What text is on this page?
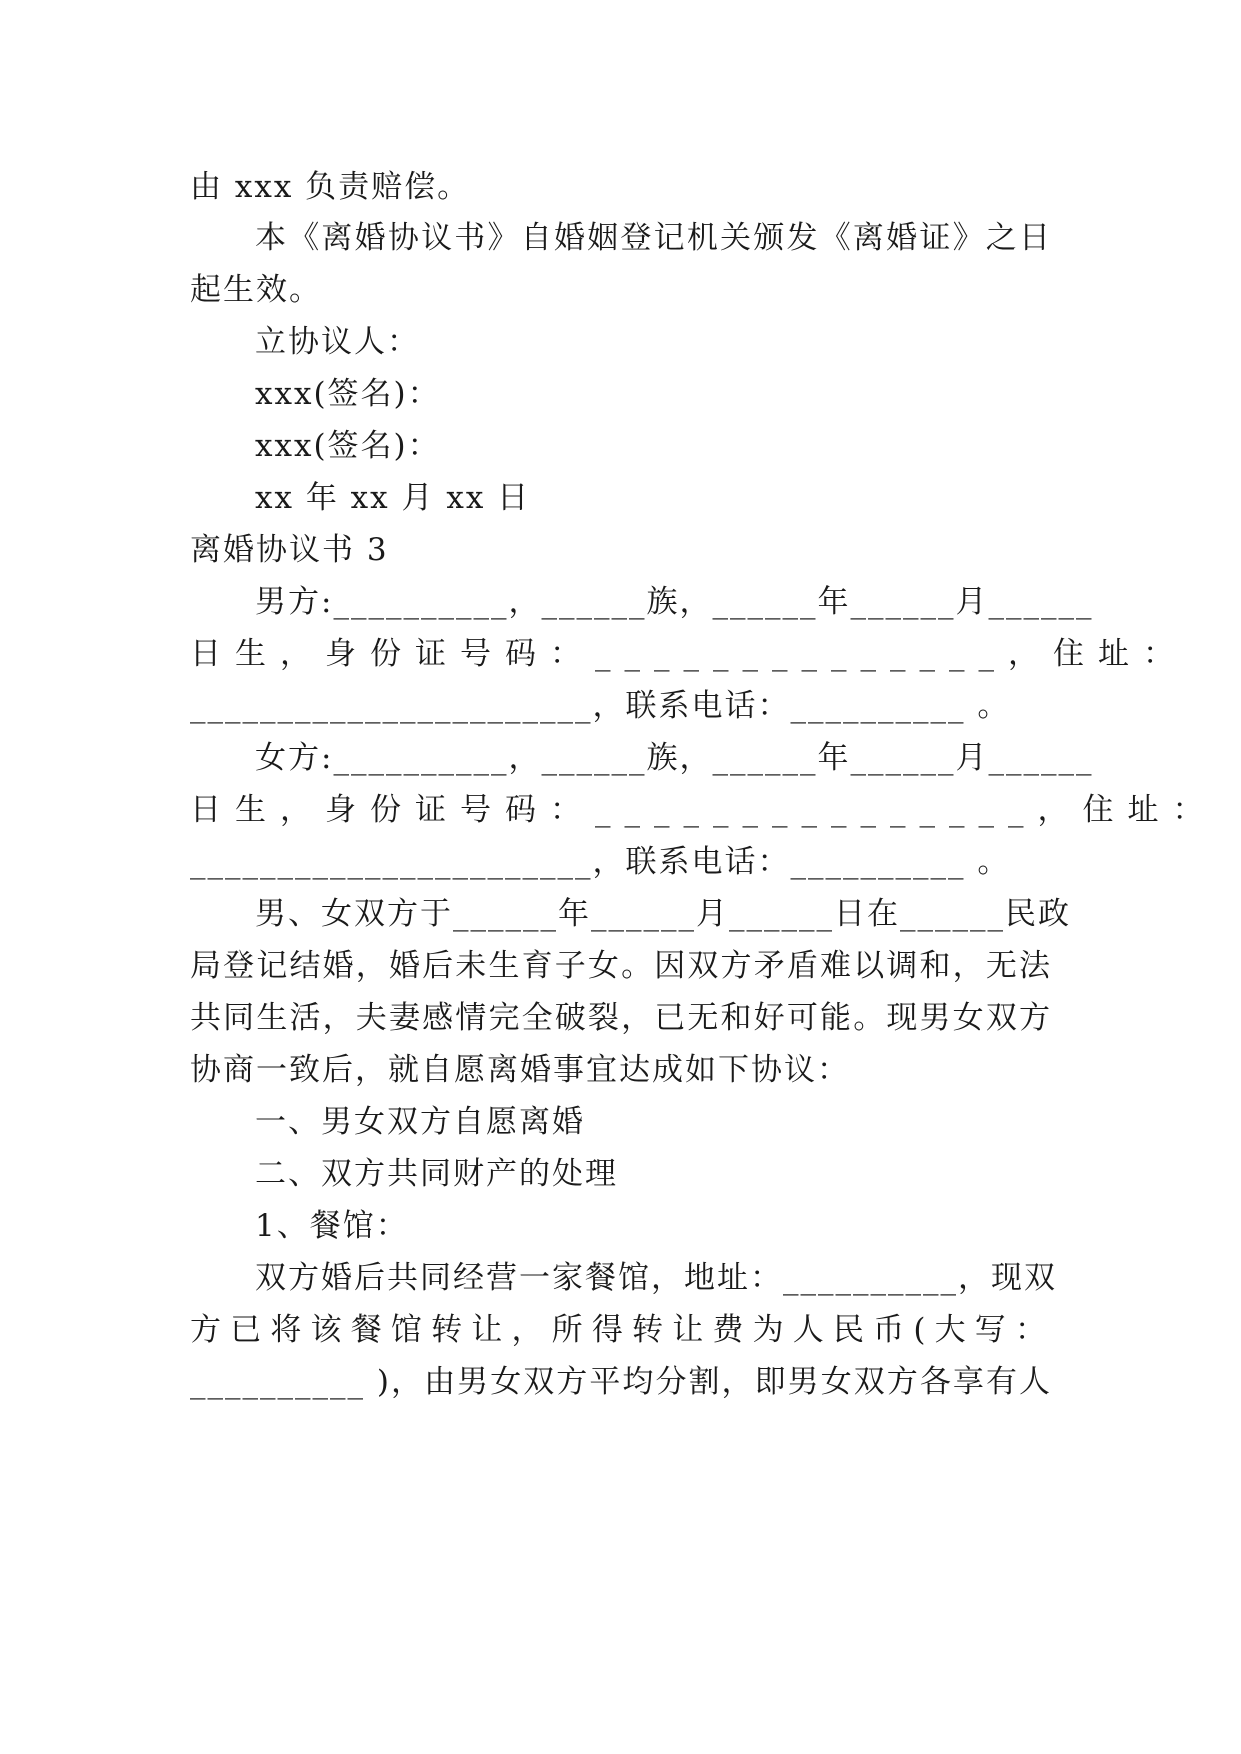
由 xxx 负责赔偿。
本《离婚协议书》自婚姻登记机关颁发《离婚证》之日
起生效。
立协议人：
xxx(签名)：
xxx(签名)：
xx 年 xx 月 xx 日
离婚协议书 3
男方:__________，______族，______年______月______
日生，身份证号码：______________，住址：
_______________________，联系电话：__________ 。
女方:__________，______族，______年______月______
日生，身份证号码：_______________，住址：
_______________________，联系电话：__________ 。
男、女双方于______年______月______日在______民政
局登记结婚，婚后未生育子女。因双方矛盾难以调和，无法
共同生活，夫妻感情完全破裂，已无和好可能。现男女双方
协商一致后，就自愿离婚事宜达成如下协议：
一、男女双方自愿离婚
二、双方共同财产的处理
1、餐馆：
双方婚后共同经营一家餐馆，地址：__________，现双
方已将该餐馆转让，所得转让费为人民币(大写：
__________ )，由男女双方平均分割，即男女双方各享有人
